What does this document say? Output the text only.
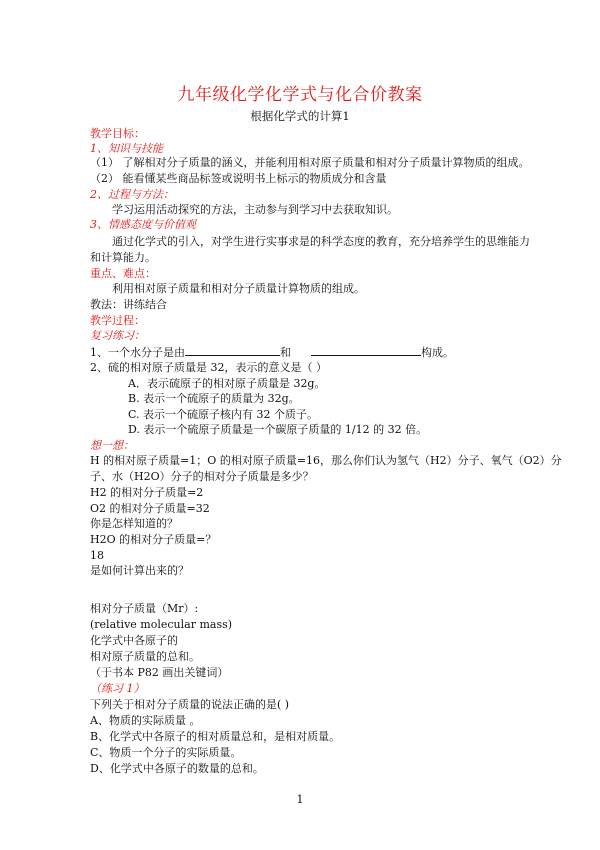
九年级化学化学式与化合价教案
根据化学式的计算1
教学目标：
1、知识与技能
（1） 了解相对分子质量的涵义，并能利用相对原子质量和相对分子质量计算物质的组成。
（2） 能看懂某些商品标签或说明书上标示的物质成分和含量
2、过程与方法：
学习运用活动探究的方法，主动参与到学习中去获取知识。
3、情感态度与价值观
通过化学式的引入，对学生进行实事求是的科学态度的教育，充分培养学生的思维能力
和计算能力。
重点、难点：
利用相对原子质量和相对分子质量计算物质的组成。
教法：讲练结合
教学过程：
复习练习：
1、一个水分子是由	和	构成。
2、硫的相对原子质量是 32，表示的意义是（ ）
A．表示硫原子的相对原子质量是 32g。
B. 表示一个硫原子的质量为 32g。
C. 表示一个硫原子核内有 32 个质子。
D. 表示一个硫原子质量是一个碳原子质量的 1/12 的 32 倍。
想一想：
H 的相对原子质量=1；O 的相对原子质量=16，那么你们认为氢气（H2）分子、氧气（O2）分
子、水（H2O）分子的相对分子质量是多少？
H2 的相对分子质量=2
O2 的相对分子质量=32
你是怎样知道的？
H2O 的相对分子质量=？
18
是如何计算出来的？
相对分子质量（Mr）:
(relative molecular mass)
化学式中各原子的
相对原子质量的总和。
（于书本 P82 画出关键词）
（练习 1）
下列关于相对分子质量的说法正确的是( )
A、物质的实际质量 。
B、化学式中各原子的相对质量总和，是相对质量。
C、物质一个分子的实际质量。
D、化学式中各原子的数量的总和。
1
